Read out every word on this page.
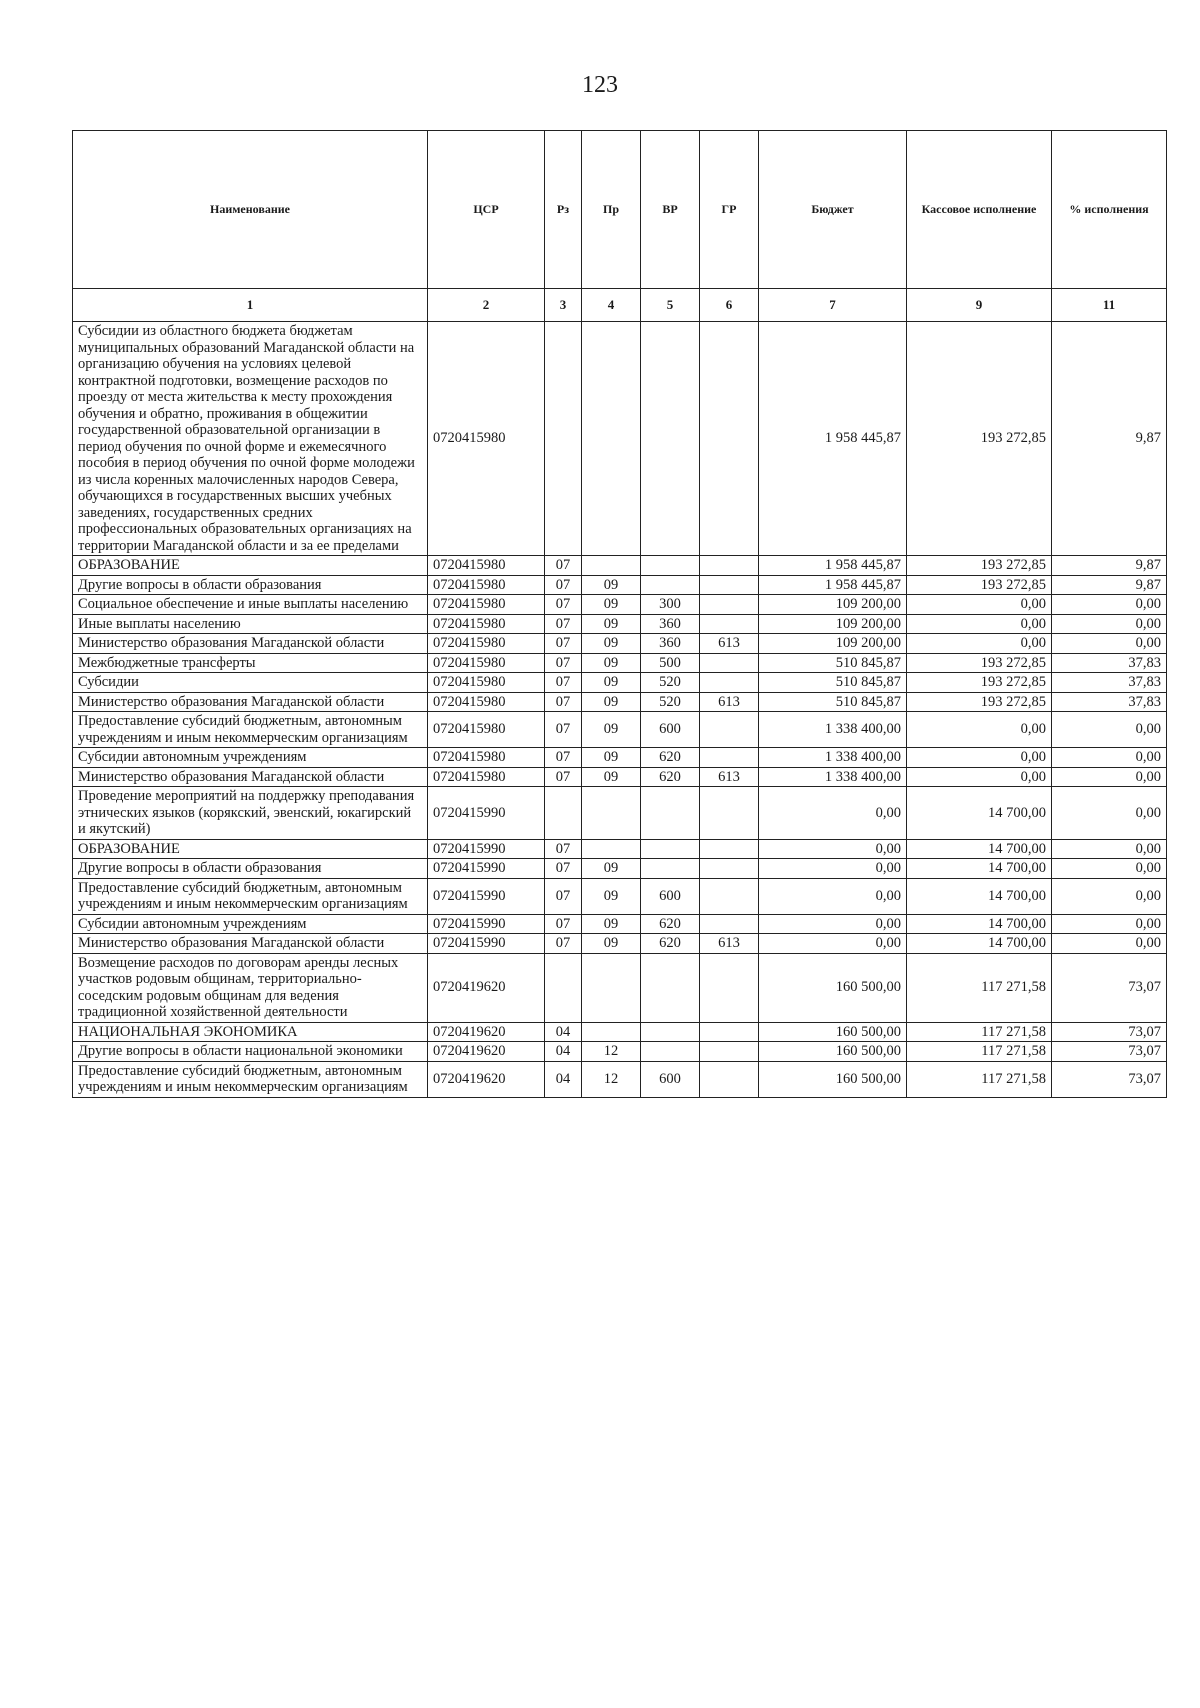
123
Наименование	ЦСР	Рз	Пр	ВР	ГР	Бюджет	Кассовое исполнение	% исполнения
1	2	3	4	5	6	7	9	11
Субсидии из областного бюджета бюджетам муниципальных образований Магаданской области на организацию обучения на условиях целевой контрактной подготовки, возмещение расходов по проезду от места жительства к месту прохождения обучения и обратно, проживания в общежитии государственной образовательной организации в период обучения по очной форме и ежемесячного пособия в период обучения по очной форме молодежи из числа коренных малочисленных народов Севера, обучающихся в государственных высших учебных заведениях, государственных средних профессиональных образовательных организациях на территории Магаданской области и за ее пределами	0720415980					1 958 445,87	193 272,85	9,87
ОБРАЗОВАНИЕ	0720415980	07				1 958 445,87	193 272,85	9,87
Другие вопросы в области образования	0720415980	07	09			1 958 445,87	193 272,85	9,87
Социальное обеспечение и иные выплаты населению	0720415980	07	09	300		109 200,00	0,00	0,00
Иные выплаты населению	0720415980	07	09	360		109 200,00	0,00	0,00
Министерство образования Магаданской области	0720415980	07	09	360	613	109 200,00	0,00	0,00
Межбюджетные трансферты	0720415980	07	09	500		510 845,87	193 272,85	37,83
Субсидии	0720415980	07	09	520		510 845,87	193 272,85	37,83
Министерство образования Магаданской области	0720415980	07	09	520	613	510 845,87	193 272,85	37,83
Предоставление субсидий бюджетным, автономным учреждениям и иным некоммерческим организациям	0720415980	07	09	600		1 338 400,00	0,00	0,00
Субсидии автономным учреждениям	0720415980	07	09	620		1 338 400,00	0,00	0,00
Министерство образования Магаданской области	0720415980	07	09	620	613	1 338 400,00	0,00	0,00
Проведение мероприятий на поддержку преподавания этнических языков (корякский, эвенский, юкагирский и якутский)	0720415990					0,00	14 700,00	0,00
ОБРАЗОВАНИЕ	0720415990	07				0,00	14 700,00	0,00
Другие вопросы в области образования	0720415990	07	09			0,00	14 700,00	0,00
Предоставление субсидий бюджетным, автономным учреждениям и иным некоммерческим организациям	0720415990	07	09	600		0,00	14 700,00	0,00
Субсидии автономным учреждениям	0720415990	07	09	620		0,00	14 700,00	0,00
Министерство образования Магаданской области	0720415990	07	09	620	613	0,00	14 700,00	0,00
Возмещение расходов по договорам аренды лесных участков родовым общинам, территориально-соседским родовым общинам для ведения традиционной хозяйственной деятельности	0720419620					160 500,00	117 271,58	73,07
НАЦИОНАЛЬНАЯ ЭКОНОМИКА	0720419620	04				160 500,00	117 271,58	73,07
Другие вопросы в области национальной экономики	0720419620	04	12			160 500,00	117 271,58	73,07
Предоставление субсидий бюджетным, автономным учреждениям и иным некоммерческим организациям	0720419620	04	12	600		160 500,00	117 271,58	73,07
